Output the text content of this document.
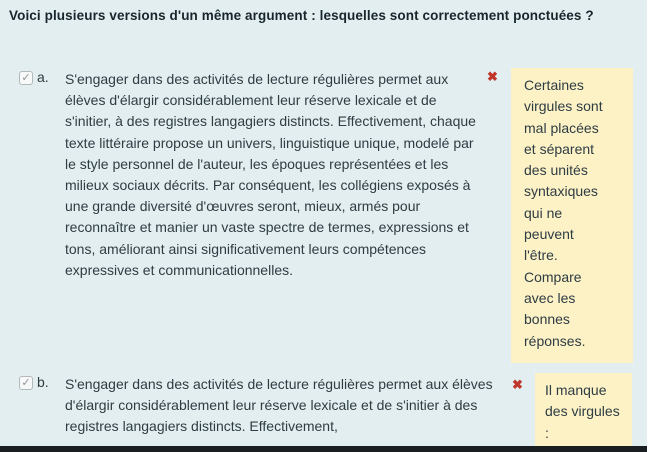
Voici plusieurs versions d'un même argument : lesquelles sont correctement ponctuées ?
✓ a. S'engager dans des activités de lecture régulières permet aux élèves d'élargir considérablement leur réserve lexicale et de s'initier, à des registres langagiers distincts. Effectivement, chaque texte littéraire propose un univers, linguistique unique, modelé par le style personnel de l'auteur, les époques représentées et les milieux sociaux décrits. Par conséquent, les collégiens exposés à une grande diversité d'œuvres seront, mieux, armés pour reconnaître et manier un vaste spectre de termes, expressions et tons, améliorant ainsi significativement leurs compétences expressives et communicationnelles.
✖
Certaines virgules sont mal placées et séparent des unités syntaxiques qui ne peuvent l'être. Compare avec les bonnes réponses.
✓ b. S'engager dans des activités de lecture régulières permet aux élèves d'élargir considérablement leur réserve lexicale et de s'initier à des registres langagiers distincts. Effectivement,
✖	Il manque des virgules :
